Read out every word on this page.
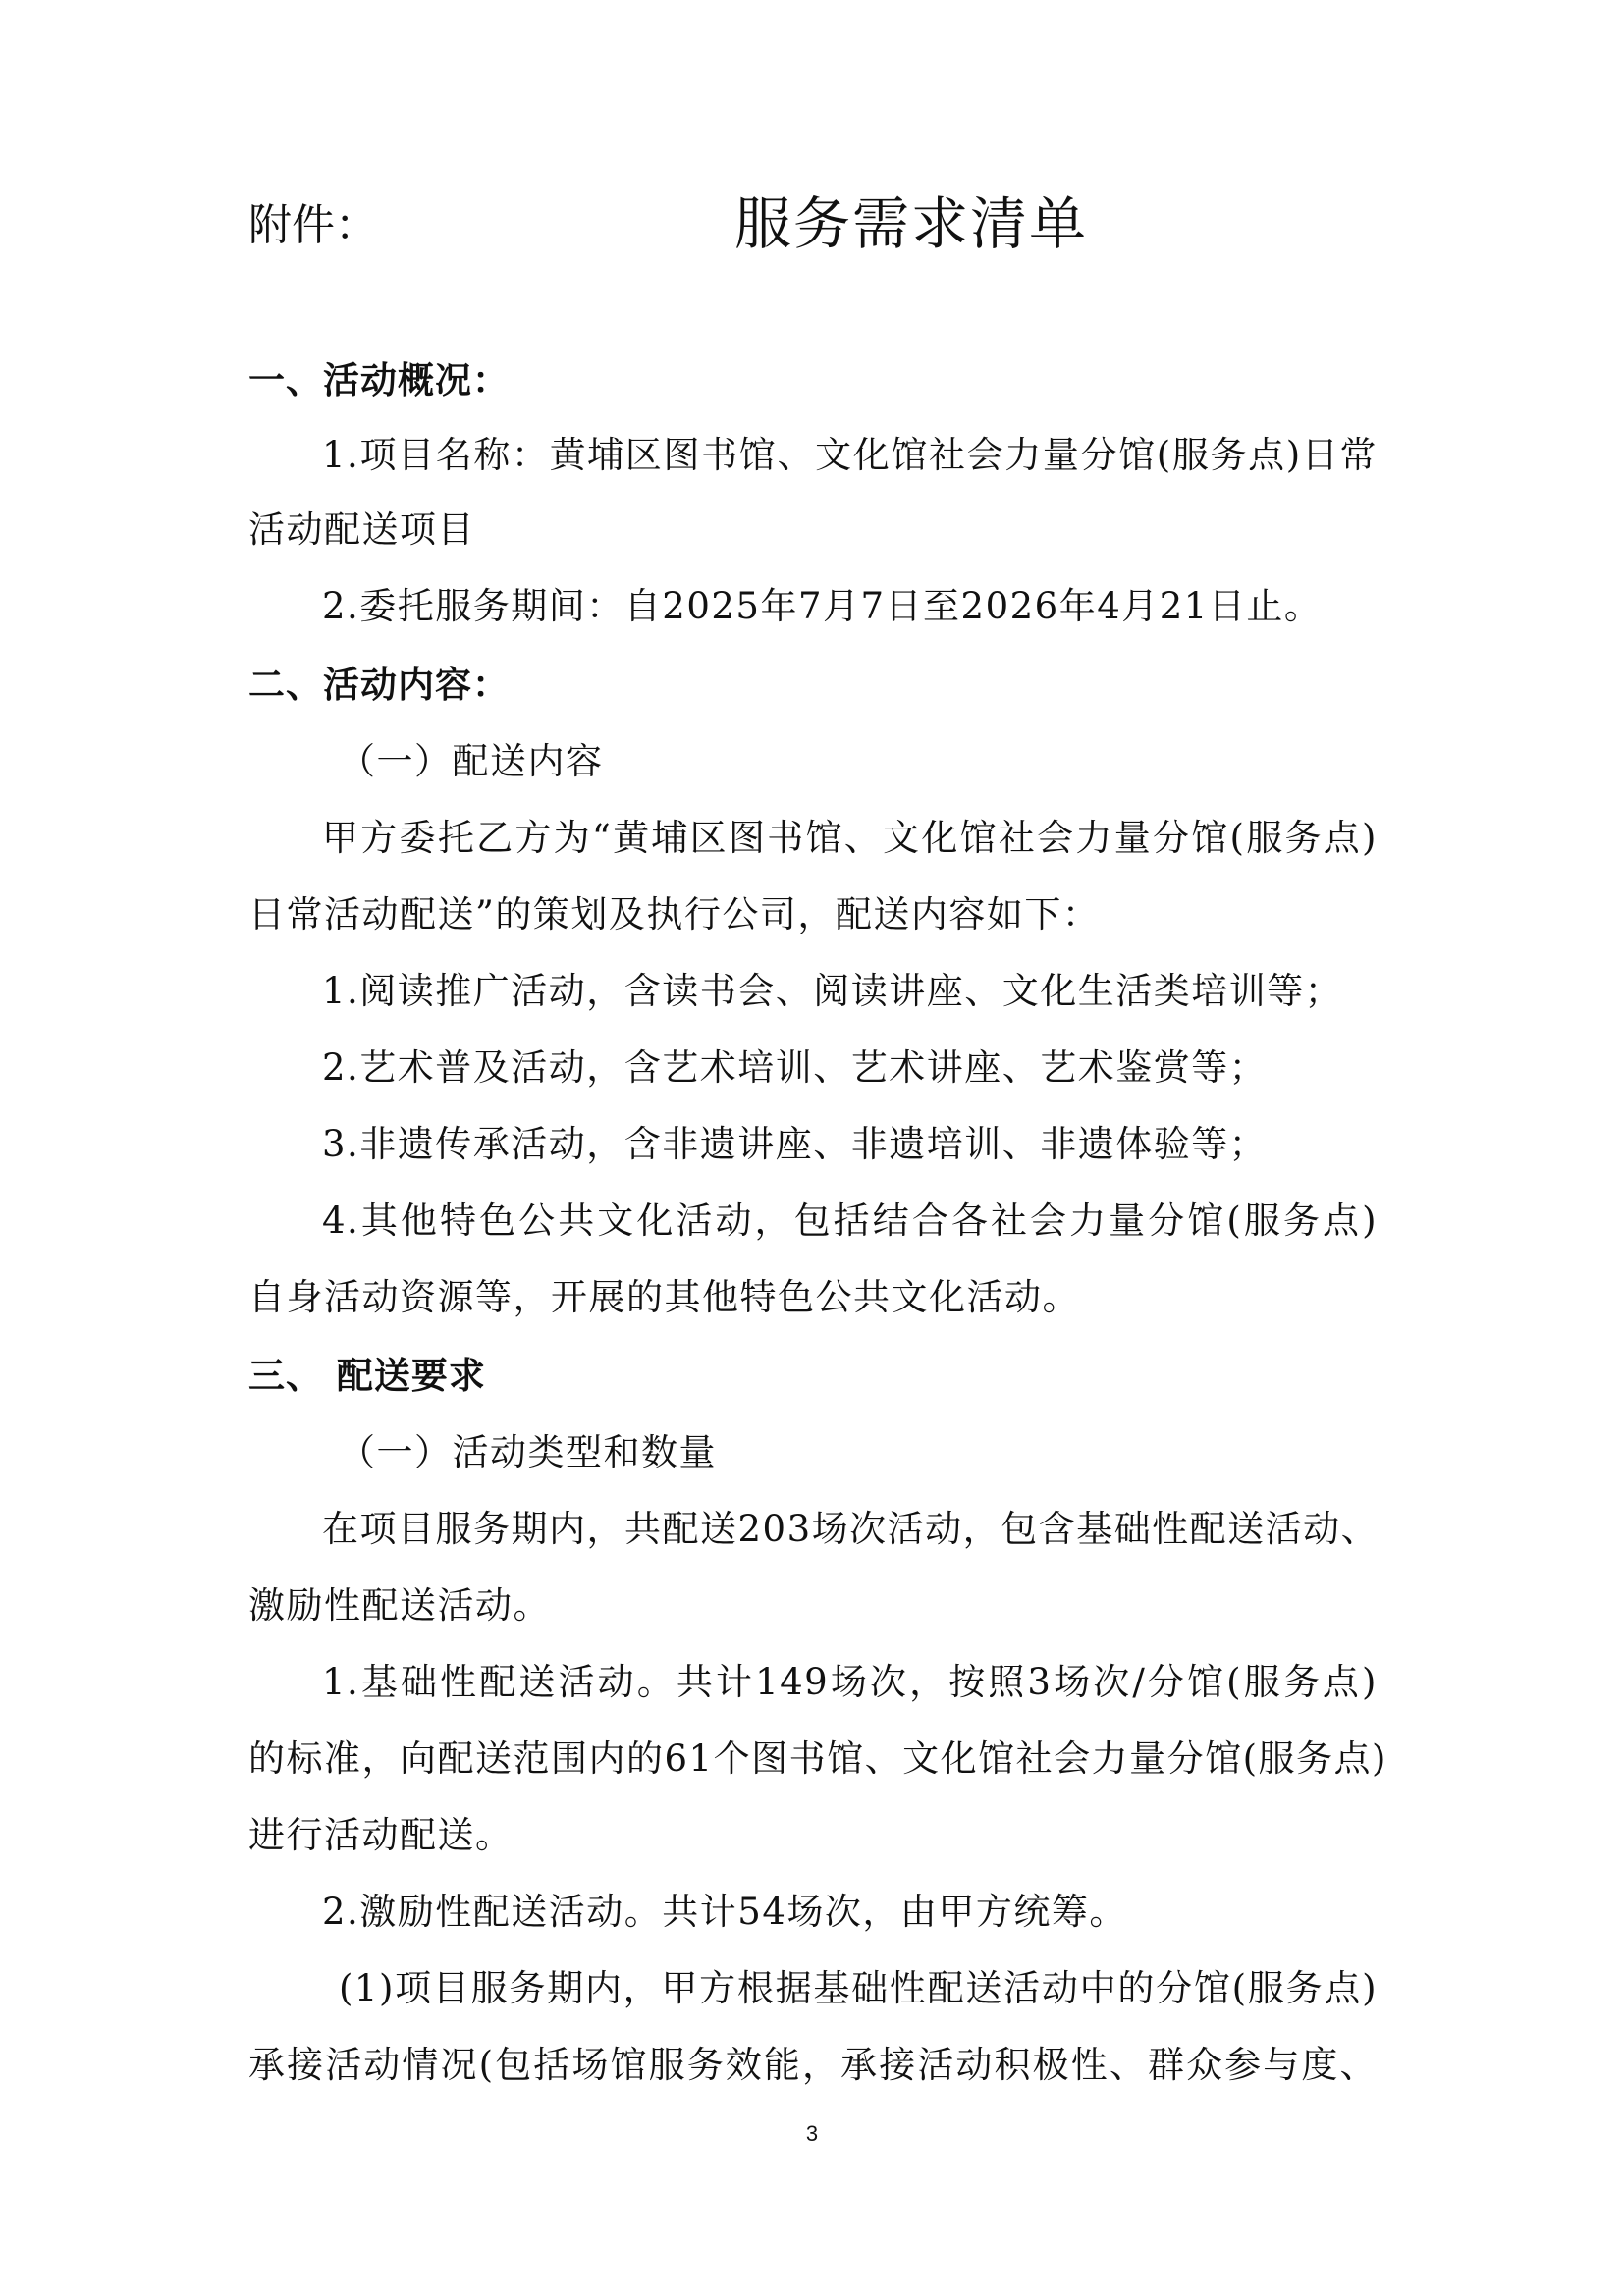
附件：	服务需求清单
一、活动概况：
1.项目名称：黄埔区图书馆、文化馆社会力量分馆(服务点)日常
活动配送项目
2.委托服务期间：自2025年7月7日至2026年4月21日止。
二、活动内容：
（一）配送内容
甲方委托乙方为“黄埔区图书馆、文化馆社会力量分馆(服务点)
日常活动配送”的策划及执行公司，配送内容如下：
1.阅读推广活动，含读书会、阅读讲座、文化生活类培训等；
2.艺术普及活动，含艺术培训、艺术讲座、艺术鉴赏等；
3.非遗传承活动，含非遗讲座、非遗培训、非遗体验等；
4.其他特色公共文化活动，包括结合各社会力量分馆(服务点)
自身活动资源等，开展的其他特色公共文化活动。
三、 配送要求
（一）活动类型和数量
在项目服务期内，共配送203场次活动，包含基础性配送活动、
激励性配送活动。
1.基础性配送活动。共计149场次，按照3场次/分馆(服务点)
的标准，向配送范围内的61个图书馆、文化馆社会力量分馆(服务点)
进行活动配送。
2.激励性配送活动。共计54场次，由甲方统筹。
(1)项目服务期内，甲方根据基础性配送活动中的分馆(服务点)
承接活动情况(包括场馆服务效能，承接活动积极性、群众参与度、
3
